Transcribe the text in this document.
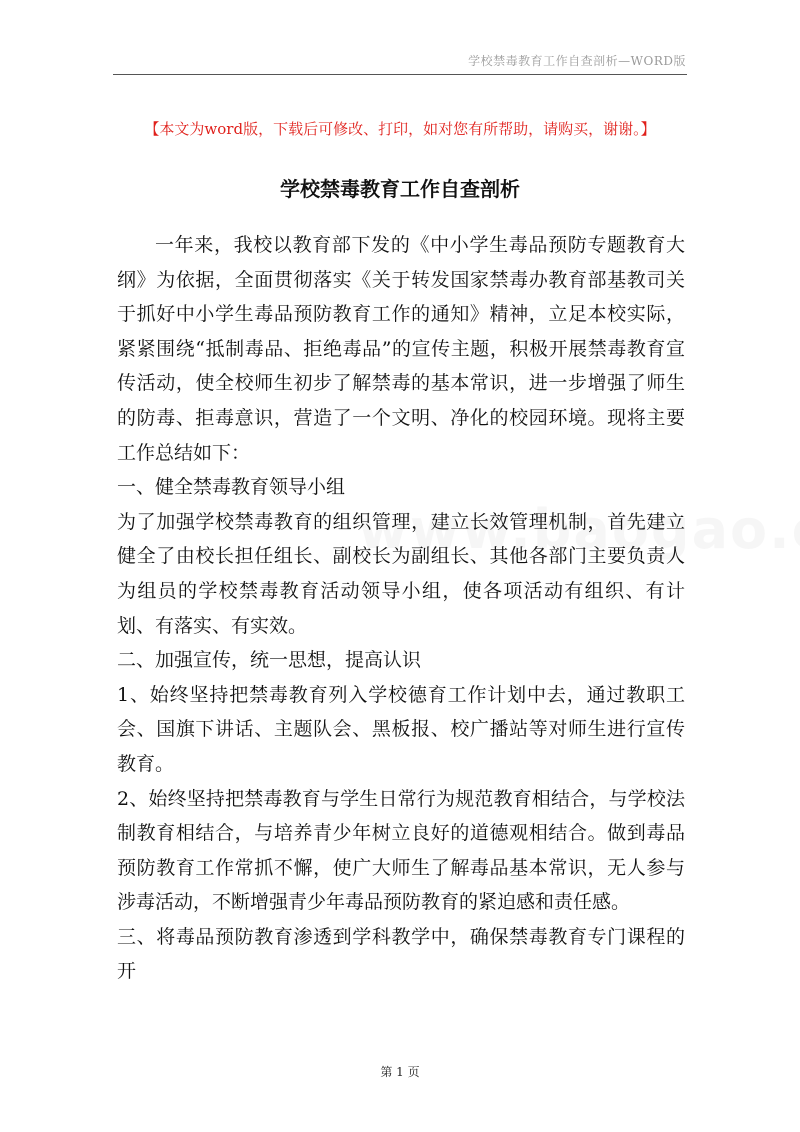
学校禁毒教育工作自查剖析—WORD版
【本文为word版，下载后可修改、打印，如对您有所帮助，请购买，谢谢。】
学校禁毒教育工作自查剖析

一年来，我校以教育部下发的《中小学生毒品预防专题教育大纲》为依据，全面贯彻落实《关于转发国家禁毒办教育部基教司关于抓好中小学生毒品预防教育工作的通知》精神，立足本校实际，紧紧围绕“抵制毒品、拒绝毒品”的宣传主题，积极开展禁毒教育宣传活动，使全校师生初步了解禁毒的基本常识，进一步增强了师生的防毒、拒毒意识，营造了一个文明、净化的校园环境。现将主要工作总结如下：

一、健全禁毒教育领导小组

为了加强学校禁毒教育的组织管理，建立长效管理机制，首先建立健全了由校长担任组长、副校长为副组长、其他各部门主要负责人为组员的学校禁毒教育活动领导小组，使各项活动有组织、有计划、有落实、有实效。

二、加强宣传，统一思想，提高认识

1、始终坚持把禁毒教育列入学校德育工作计划中去，通过教职工会、国旗下讲话、主题队会、黑板报、校广播站等对师生进行宣传教育。

2、始终坚持把禁毒教育与学生日常行为规范教育相结合，与学校法制教育相结合，与培养青少年树立良好的道德观相结合。做到毒品预防教育工作常抓不懈，使广大师生了解毒品基本常识，无人参与涉毒活动，不断增强青少年毒品预防教育的紧迫感和责任感。

三、将毒品预防教育渗透到学科教学中，确保禁毒教育专门课程的开

第 1 页
